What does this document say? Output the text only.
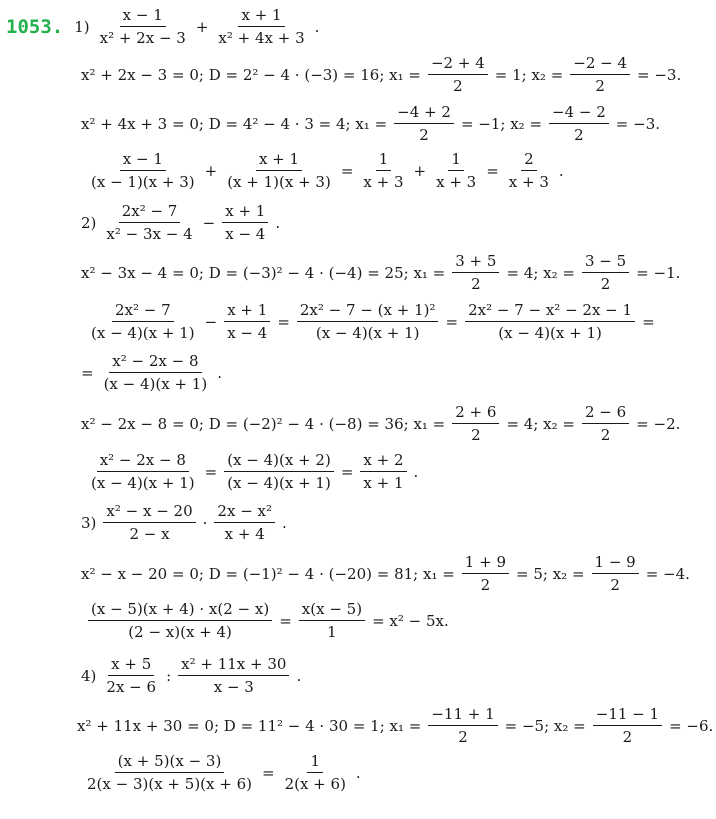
1053. $1) \frac{x - 1}{\text{x² + 2x − 3}} + \frac{x + 1}{\text{x² + 4x + 3}}$ .
x² + 2x − 3 = 0; D = 2² − 4 · (−3) = 16; $x_1 = \frac{-2 + 4}{2} = 1$; $x_2 = \frac{-2 - 4}{2} = -3$.
x² + 4x + 3 = 0; D = 4² − 4 · 3 = 4; $x_1 = \frac{-4 + 2}{2} = -1$; $x_2 = \frac{-4 - 2}{2} = -3$.
$\frac{x - 1}{(x - 1)(x + 3)} + \frac{x + 1}{(x + 1)(x + 3)} = \frac{1}{x + 3} + \frac{1}{x + 3} = \frac{2}{x + 3}$ .
$2) \frac{\text{2x² − 7}}{\text{x² − 3x − 4}} - \frac{x + 1}{x - 4}$ .
x² − 3x − 4 = 0; D = (−3)² − 4 · (−4) = 25; $x_1 = \frac{3 + 5}{2} = 4$; $x_2 = \frac{3 - 5}{2} = -1$.
$\frac{\text{2x² − 7}}{(x - 4)(x + 1)} - \frac{x + 1}{x - 4} = \frac{\text{2x² − 7 − (x + 1)²}}{(x - 4)(x + 1)} = \frac{\text{2x² − 7 − x² − 2x − 1}}{(x - 4)(x + 1)}$ =
= $\frac{\text{x² − 2x − 8}}{(x - 4)(x + 1)}$ .
x² − 2x − 8 = 0; D = (−2)² − 4 · (−8) = 36; $x_1 = \frac{2 + 6}{2} = 4$; $x_2 = \frac{2 - 6}{2} = -2$.
$\frac{\text{x² − 2x − 8}}{(x - 4)(x + 1)} = \frac{(x - 4)(x + 2)}{(x - 4)(x + 1)} = \frac{x + 2}{x + 1}$ .
$3) \frac{\text{x² − x − 20}}{2 - x} \cdot \frac{\text{2x − x²}}{x + 4}$ .
x² − x − 20 = 0; D = (−1)² − 4 · (−20) = 81; $x_1 = \frac{1 + 9}{2} = 5$; $x_2 = \frac{1 - 9}{2} = -4$.
$\frac{(x - 5)(x + 4) \cdot x(2 - x)}{(2 - x)(x + 4)} = \frac{x(x - 5)}{1} = x^2 - 5x$.
$4) \frac{x + 5}{2x - 6}$ : $\frac{\text{x² + 11x + 30}}{x - 3}$ .
x² + 11x + 30 = 0; D = 11² − 4 · 30 = 1; $x_1 = \frac{-11 + 1}{2} = -5$; $x_2 = \frac{-11 - 1}{2} = -6$.
$\frac{(x + 5)(x - 3)}{2(x - 3)(x + 5)(x + 6)} = \frac{1}{2(x + 6)}$ .
